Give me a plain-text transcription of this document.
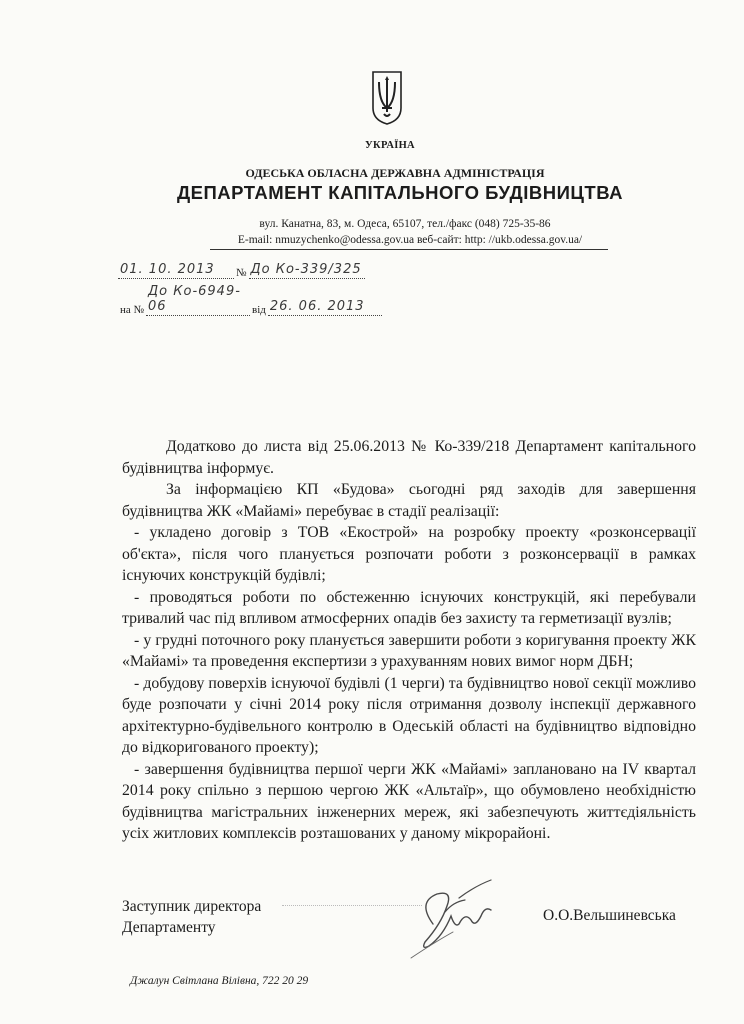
УКРАЇНА
ОДЕСЬКА ОБЛАСНА ДЕРЖАВНА АДМІНІСТРАЦІЯ
ДЕПАРТАМЕНТ КАПІТАЛЬНОГО БУДІВНИЦТВА
вул. Канатна, 83, м. Одеса, 65107, тел./факс (048) 725-35-86
E-mail: nmuzychenko@odessa.gov.ua веб-сайт: http: //ukb.odessa.gov.ua/
01. 10. 2013	№ До Ко-339/325
на №
До Ко-6949-06	від 26. 06. 2013

Додатково до листа від 25.06.2013 № Ко-339/218 Департамент капітального будівництва інформує.

За інформацією КП «Будова» сьогодні ряд заходів для завершення будівництва ЖК «Майамі» перебуває в стадії реалізації:

- укладено договір з ТОВ «Екострой» на розробку проекту «розконсервації об'єкта», після чого планується розпочати роботи з розконсервації в рамках існуючих конструкцій будівлі;

- проводяться роботи по обстеженню існуючих конструкцій, які перебували тривалий час під впливом атмосферних опадів без захисту та герметизації вузлів;

- у грудні поточного року планується завершити роботи з коригування проекту ЖК «Майамі» та проведення експертизи з урахуванням нових вимог норм ДБН;

- добудову поверхів існуючої будівлі (1 черги) та будівництво нової секції можливо буде розпочати у січні 2014 року після отримання дозволу інспекції державного архітектурно-будівельного контролю в Одеській області на будівництво відповідно до відкоригованого проекту);

- завершення будівництва першої черги ЖК «Майамі» заплановано на IV квартал 2014 року спільно з першою чергою ЖК «Альтаїр», що обумовлено необхідністю будівництва магістральних інженерних мереж, які забезпечують життєдіяльність усіх житлових комплексів розташованих у даному мікрорайоні.

Заступник директора
Департаменту
О.О.Вельшиневська
Джалун Світлана Вілівна, 722 20 29
